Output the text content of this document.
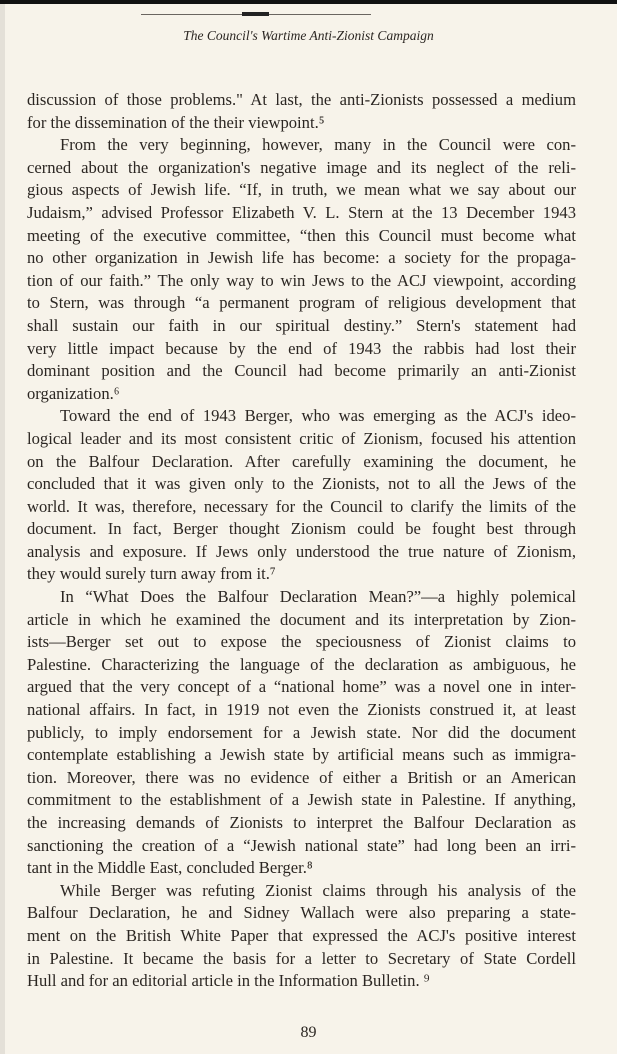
The Council's Wartime Anti-Zionist Campaign
discussion of those problems." At last, the anti-Zionists possessed a medium
for the dissemination of the their viewpoint.⁵
From the very beginning, however, many in the Council were con-
cerned about the organization's negative image and its neglect of the reli-
gious aspects of Jewish life. “If, in truth, we mean what we say about our
Judaism,” advised Professor Elizabeth V. L. Stern at the 13 December 1943
meeting of the executive committee, “then this Council must become what
no other organization in Jewish life has become: a society for the propaga-
tion of our faith.” The only way to win Jews to the ACJ viewpoint, according
to Stern, was through “a permanent program of religious development that
shall sustain our faith in our spiritual destiny.” Stern's statement had
very little impact because by the end of 1943 the rabbis had lost their
dominant position and the Council had become primarily an anti-Zionist
organization.⁶
Toward the end of 1943 Berger, who was emerging as the ACJ's ideo-
logical leader and its most consistent critic of Zionism, focused his attention
on the Balfour Declaration. After carefully examining the document, he
concluded that it was given only to the Zionists, not to all the Jews of the
world. It was, therefore, necessary for the Council to clarify the limits of the
document. In fact, Berger thought Zionism could be fought best through
analysis and exposure. If Jews only understood the true nature of Zionism,
they would surely turn away from it.⁷
In “What Does the Balfour Declaration Mean?”—a highly polemical
article in which he examined the document and its interpretation by Zion-
ists—Berger set out to expose the speciousness of Zionist claims to
Palestine. Characterizing the language of the declaration as ambiguous, he
argued that the very concept of a “national home” was a novel one in inter-
national affairs. In fact, in 1919 not even the Zionists construed it, at least
publicly, to imply endorsement for a Jewish state. Nor did the document
contemplate establishing a Jewish state by artificial means such as immigra-
tion. Moreover, there was no evidence of either a British or an American
commitment to the establishment of a Jewish state in Palestine. If anything,
the increasing demands of Zionists to interpret the Balfour Declaration as
sanctioning the creation of a “Jewish national state” had long been an irri-
tant in the Middle East, concluded Berger.⁸
While Berger was refuting Zionist claims through his analysis of the
Balfour Declaration, he and Sidney Wallach were also preparing a state-
ment on the British White Paper that expressed the ACJ's positive interest
in Palestine. It became the basis for a letter to Secretary of State Cordell
Hull and for an editorial article in the Information Bulletin. ⁹
89
